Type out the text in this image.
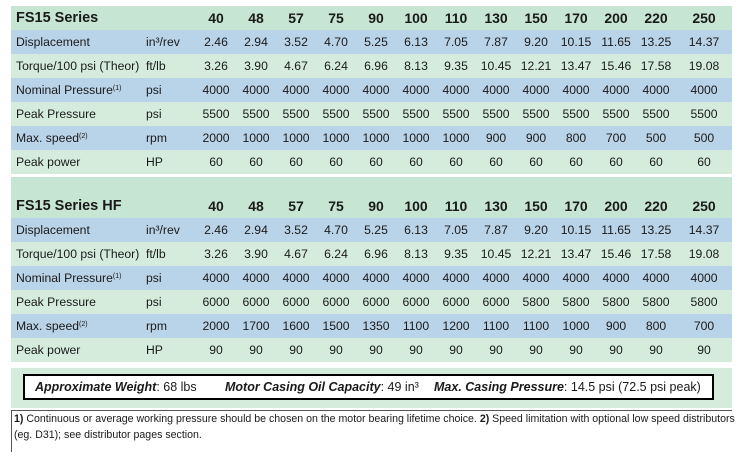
FS15 Series		40	48	57	75	90	100	110	130	150	170	200	220	250
Displacement	in³/rev	2.46	2.94	3.52	4.70	5.25	6.13	7.05	7.87	9.20	10.15	11.65	13.25	14.37
Torque/100 psi (Theor)	ft/lb	3.26	3.90	4.67	6.24	6.96	8.13	9.35	10.45	12.21	13.47	15.46	17.58	19.08
Nominal Pressure$^{(1)}$	psi	4000	4000	4000	4000	4000	4000	4000	4000	4000	4000	4000	4000	4000
Peak Pressure	psi	5500	5500	5500	5500	5500	5500	5500	5500	5500	5500	5500	5500	5500
Max. speed$^{(2)}$	rpm	2000	1000	1000	1000	1000	1000	1000	900	900	800	700	500	500
Peak power	HP	60	60	60	60	60	60	60	60	60	60	60	60	60
FS15 Series HF		40	48	57	75	90	100	110	130	150	170	200	220	250
Displacement	in³/rev	2.46	2.94	3.52	4.70	5.25	6.13	7.05	7.87	9.20	10.15	11.65	13.25	14.37
Torque/100 psi (Theor)	ft/lb	3.26	3.90	4.67	6.24	6.96	8.13	9.35	10.45	12.21	13.47	15.46	17.58	19.08
Nominal Pressure$^{(1)}$	psi	4000	4000	4000	4000	4000	4000	4000	4000	4000	4000	4000	4000	4000
Peak Pressure	psi	6000	6000	6000	6000	6000	6000	6000	6000	5800	5800	5800	5800	5800
Max. speed$^{(2)}$	rpm	2000	1700	1600	1500	1350	1100	1200	1100	1100	1000	900	800	700
Peak power	HP	90	90	90	90	90	90	90	90	90	90	90	90	90
Approximate Weight: 68 lbs Motor Casing Oil Capacity: 49 in³ Max. Casing Pressure: 14.5 psi (72.5 psi peak)
1) Continuous or average working pressure should be chosen on the motor bearing lifetime choice. 2) Speed limitation with optional low speed distributors
(eg. D31); see distributor pages section.
